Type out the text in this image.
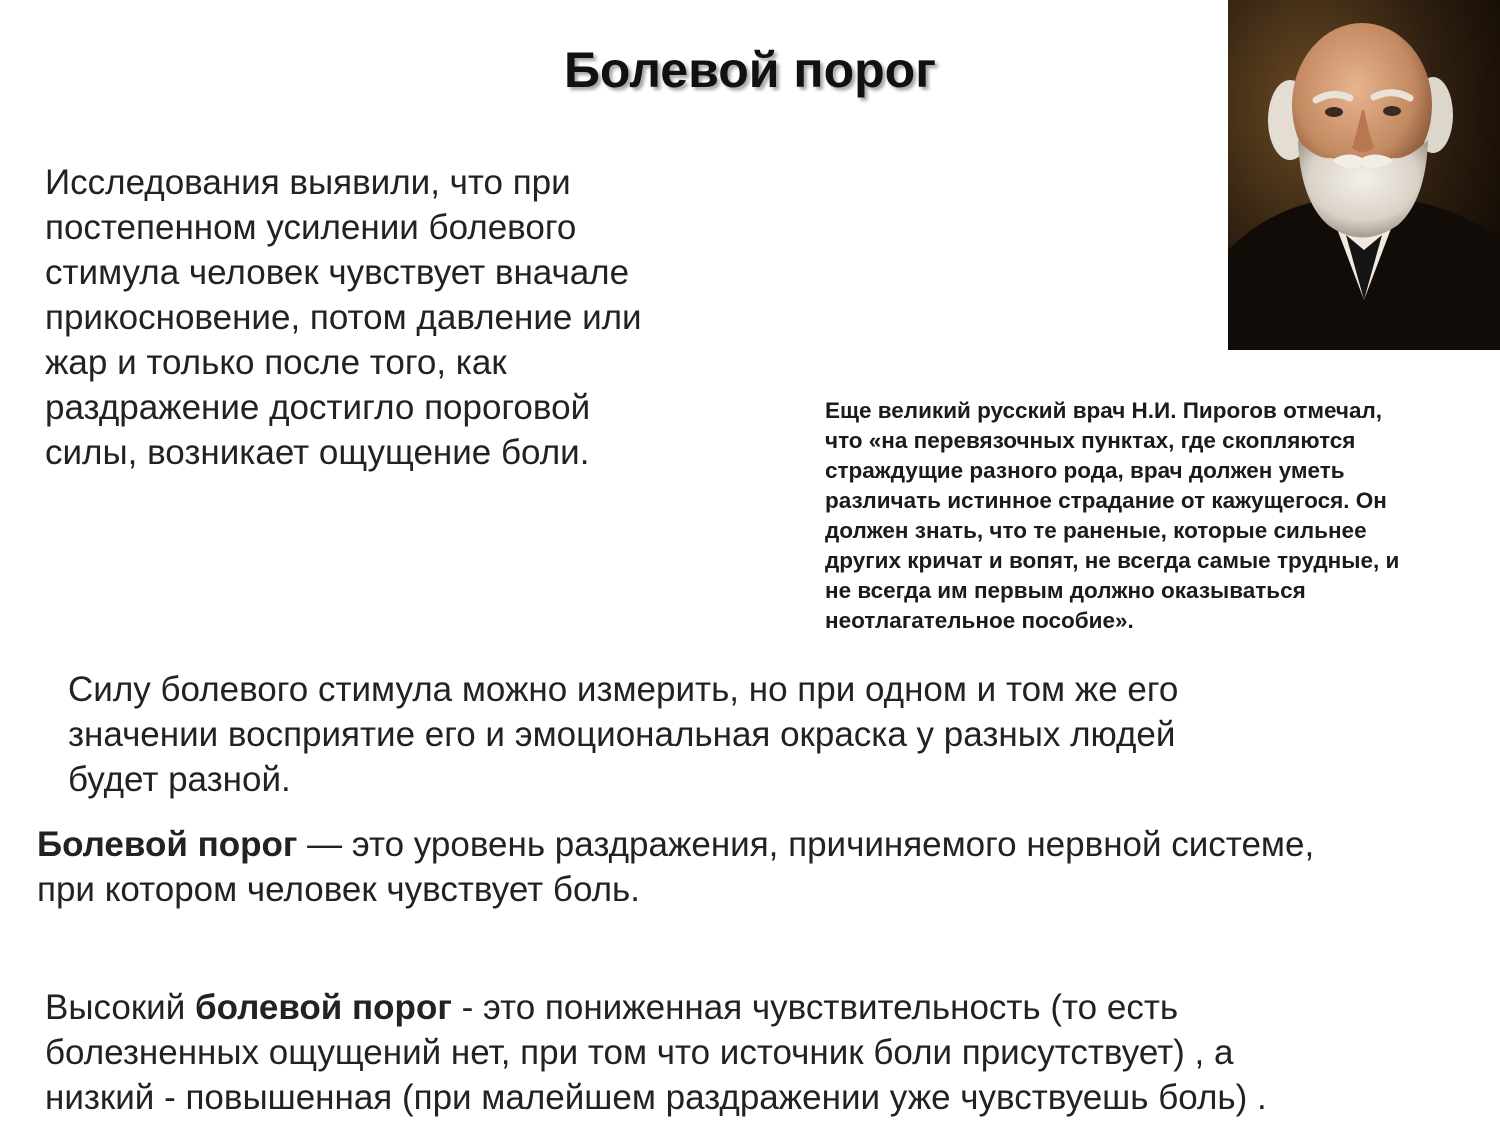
Болевой порог
Исследования выявили, что при
постепенном усилении болевого
стимула человек чувствует вначале
прикосновение, потом давление или
жар и только после того, как
раздражение достигло пороговой
силы, возникает ощущение боли.
Еще великий русский врач Н.И. Пирогов отмечал,
что «на перевязочных пунктах, где скопляются
страждущие разного рода, врач должен уметь
различать истинное страдание от кажущегося. Он
должен знать, что те раненые, которые сильнее
других кричат и вопят, не всегда самые трудные, и
не всегда им первым должно оказываться
неотлагательное пособие».
Силу болевого стимула можно измерить, но при одном и том же его
значении восприятие его и эмоциональная окраска у разных людей
будет разной.
Болевой порог — это уровень раздражения, причиняемого нервной системе,
при котором человек чувствует боль.
Высокий болевой порог - это пониженная чувствительность (то есть
болезненных ощущений нет, при том что источник боли присутствует) , а
низкий - повышенная (при малейшем раздражении уже чувствуешь боль) .
